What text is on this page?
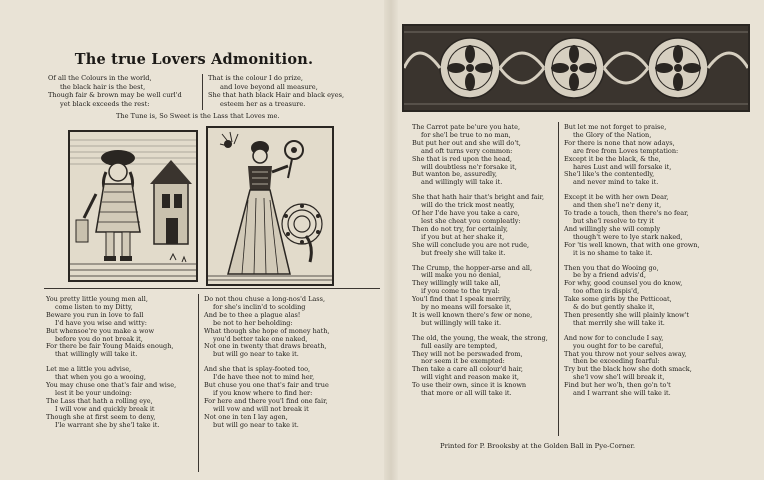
The true Lovers Admonition.
Of all the Colours in the world,
the black hair is the best,
Though fair & brown may be well curl'd
yet black exceeds the rest:
That is the colour I do prize,
and love beyond all measure,
She that hath black Hair and black eyes,
esteem her as a treasure.
The Tune is, So Sweet is the Lass that Loves me.
You pretty little young men all,
come listen to my Ditty,
Beware you run in love to fall
I'd have you wise and witty:
But whensoe're you make a wow
before you do not break it,
For there be fair Young Maids enough,
that willingly will take it.
Let me a little you advise,
that when you go a wooing,
You may chuse one that's fair and wise,
lest it be your undoing:
The Lass that hath a rolling eye,
I will vow and quickly break it
Though she at first seem to deny,
I'le warrant she by she'l take it.
Do not thou chuse a long-nos'd Lass,
for she's inclin'd to scolding
And be to thee a plague alas!
be not to her beholding:
What though she hope of money hath,
you'd better take one naked,
Not one in twenty that draws breath,
but will go near to take it.
And she that is splay-footed too,
I'de have thee not to mind her,
But chuse you one that's fair and true
if you know where to find her:
For here and there you'l find one fair,
will vow and will not break it
Not one in ten I lay agen,
but will go near to take it.
The Carrot pate be'ure you hate,
for she'l be true to no man,
But put her out and she will do't,
and oft turns very common:
She that is red upon the head,
will doubtless ne'r forsake it,
But wanton be, assuredly,
and willingly will take it.
She that hath hair that's bright and fair,
will do the trick most neatly,
Of her I'de have you take a care,
lest she cheat you compleatly:
Then do not try, for certainly,
if you but at her shake it,
She will conclude you are not rude,
but freely she will take it.
The Crump, the hopper-arse and all,
will make you no denial,
They willingly will take all,
if you come to the tryal:
You'l find that I speak merrily,
by no means will forsake it,
It is well known there's few or none,
but willingly will take it.
The old, the young, the weak, the strong,
full easily are tempted,
They will not be perswaded from,
nor seem it be exempted:
Then take a care all colour'd hair,
will vight and reason make it,
To use their own, since it is known
that more or all will take it.
But let me not forget to praise,
the Glory of the Nation,
For there is none that now adays,
are free from Loves temptation:
Except it be the black, & the,
hares Lust and will forsake it,
She'l like's the contentedly,
and never mind to take it.
Except it be with her own Dear,
and then she'l ne'r deny it,
To trade a touch, then there's no fear,
but she'l resolve to try it
And willingly she will comply
though't were to lye stark naked,
For 'tis well known, that with one grown,
it is no shame to take it.
Then you that do Wooing go,
be by a friend advis'd,
For why, good counsel you do know,
too often is dispis'd,
Take some girls by the Petticoat,
& do but gently shake it,
Then presently she will plainly know't
that merrily she will take it.
And now for to conclude I say,
you ought for to be careful,
That you throw not your selves away,
then be exceeding fearful:
Try but the black how she doth smack,
she'l vow she'l will break it,
Find but her wo'h, then go'n to't
and I warrant she will take it.
Printed for P. Brooksby at the Golden Ball in Pye-Corner.
